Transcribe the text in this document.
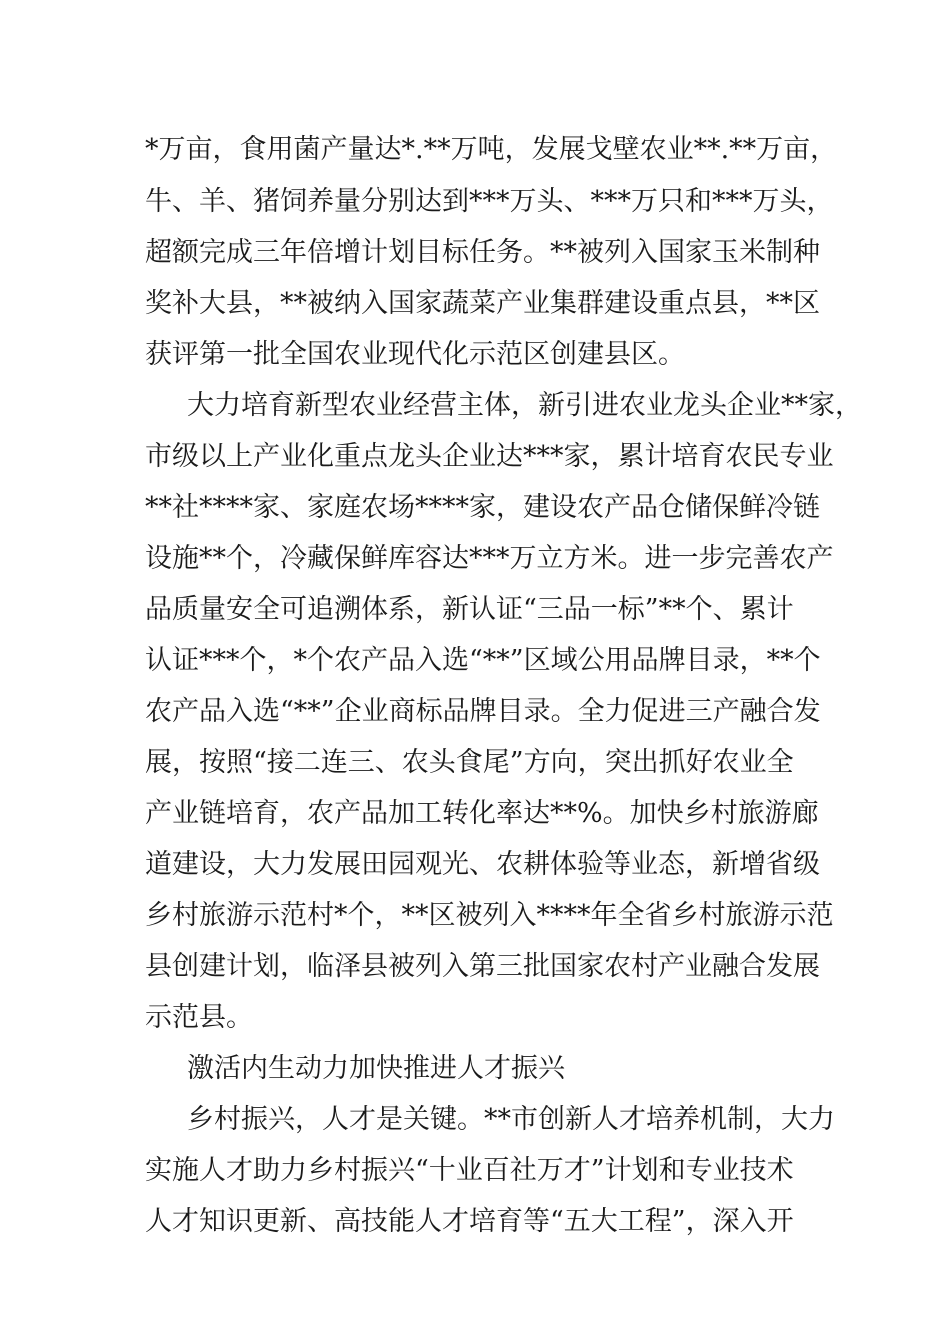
*万亩，食用菌产量达*.**万吨，发展戈壁农业**.**万亩，
牛、羊、猪饲养量分别达到***万头、***万只和***万头，
超额完成三年倍增计划目标任务。**被列入国家玉米制种
奖补大县，**被纳入国家蔬菜产业集群建设重点县，**区
获评第一批全国农业现代化示范区创建县区。
大力培育新型农业经营主体，新引进农业龙头企业**家，
市级以上产业化重点龙头企业达***家，累计培育农民专业
**社****家、家庭农场****家，建设农产品仓储保鲜冷链
设施**个，冷藏保鲜库容达***万立方米。进一步完善农产
品质量安全可追溯体系，新认证“三品一标”**个、累计
认证***个，*个农产品入选“**”区域公用品牌目录，**个
农产品入选“**”企业商标品牌目录。全力促进三产融合发
展，按照“接二连三、农头食尾”方向，突出抓好农业全
产业链培育，农产品加工转化率达**%。加快乡村旅游廊
道建设，大力发展田园观光、农耕体验等业态，新增省级
乡村旅游示范村*个，**区被列入****年全省乡村旅游示范
县创建计划，临泽县被列入第三批国家农村产业融合发展
示范县。
激活内生动力加快推进人才振兴
乡村振兴，人才是关键。**市创新人才培养机制，大力
实施人才助力乡村振兴“十业百社万才”计划和专业技术
人才知识更新、高技能人才培育等“五大工程”，深入开
